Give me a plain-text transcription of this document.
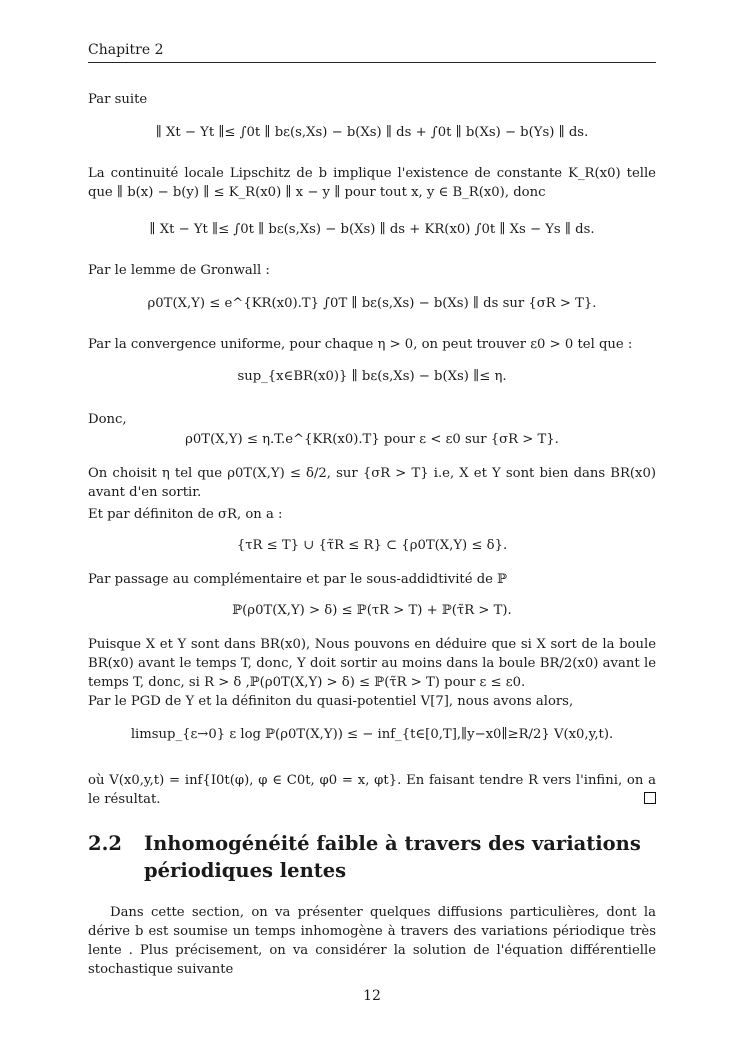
Chapitre 2

Par suite

∥ Xt − Yt ∥≤ ∫0t ∥ bε(s,Xs) − b(Xs) ∥ ds + ∫0t ∥ b(Xs) − b(Ys) ∥ ds.

La continuité locale Lipschitz de b implique l'existence de constante K_R(x0) telle que ∥ b(x) − b(y) ∥ ≤ K_R(x0) ∥ x − y ∥ pour tout x, y ∈ B_R(x0), donc

∥ Xt − Yt ∥≤ ∫0t ∥ bε(s,Xs) − b(Xs) ∥ ds + KR(x0) ∫0t ∥ Xs − Ys ∥ ds.

Par le lemme de Gronwall :

ρ0T(X,Y) ≤ e^{KR(x0).T} ∫0T ∥ bε(s,Xs) − b(Xs) ∥ ds sur {σR > T}.

Par la convergence uniforme, pour chaque η > 0, on peut trouver ε0 > 0 tel que :

sup_{x∈BR(x0)} ∥ bε(s,Xs) − b(Xs) ∥≤ η.

Donc,

ρ0T(X,Y) ≤ η.T.e^{KR(x0).T} pour ε < ε0 sur {σR > T}.

On choisit η tel que ρ0T(X,Y) ≤ δ/2, sur {σR > T} i.e, X et Y sont bien dans BR(x0) avant d'en sortir.

Et par définiton de σR, on a :

{τR ≤ T} ∪ {τ̃R ≤ R} ⊂ {ρ0T(X,Y) ≤ δ}.

Par passage au complémentaire et par le sous-addidtivité de ℙ

ℙ(ρ0T(X,Y) > δ) ≤ ℙ(τR > T) + ℙ(τ̃R > T).

Puisque X et Y sont dans BR(x0), Nous pouvons en déduire que si X sort de la boule BR(x0) avant le temps T, donc, Y doit sortir au moins dans la boule BR/2(x0) avant le temps T, donc, si R > δ ,ℙ(ρ0T(X,Y) > δ) ≤ ℙ(τ̃R > T) pour ε ≤ ε0.

Par le PGD de Y et la définiton du quasi-potentiel V[7], nous avons alors,

limsup_{ε→0} ε log ℙ(ρ0T(X,Y)) ≤ − inf_{t∈[0,T],∥y−x0∥≥R/2} V(x0,y,t).

où V(x0,y,t) = inf{I0t(φ), φ ∈ C0t, φ0 = x, φt}. En faisant tendre R vers l'infini, on a le résultat.

2.2 Inhomogénéité faible à travers des variations périodiques lentes

Dans cette section, on va présenter quelques diffusions particulières, dont la dérive b est soumise un temps inhomogène à travers des variations périodique très lente . Plus précisement, on va considérer la solution de l'équation différentielle stochastique suivante

12
